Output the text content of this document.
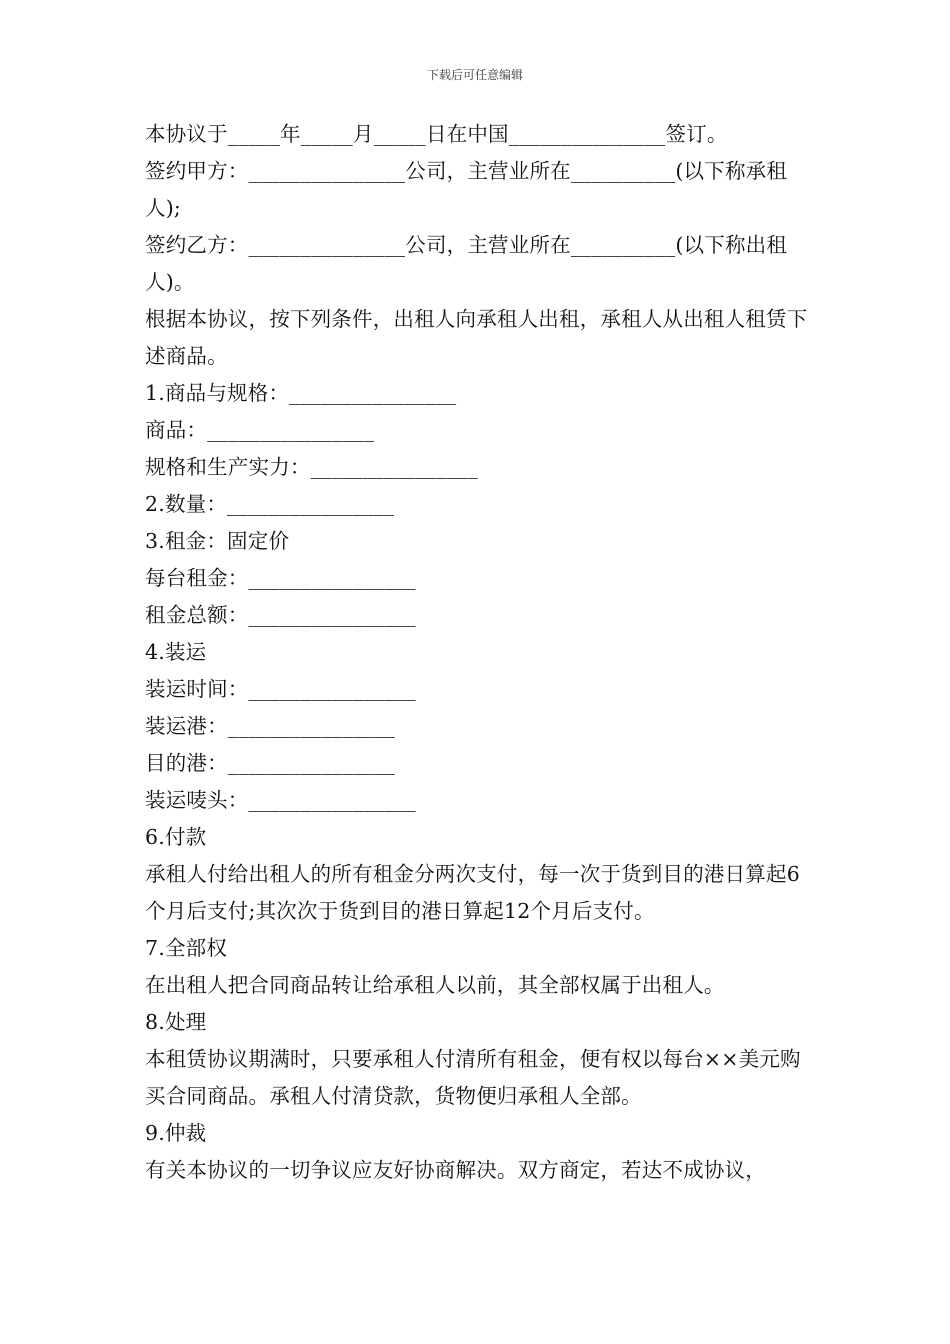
下载后可任意编辑

本协议于_____年_____月_____日在中国_______________签订。

签约甲方：_______________公司，主营业所在__________(以下称承租人);

签约乙方：_______________公司，主营业所在__________(以下称出租人)。

根据本协议，按下列条件，出租人向承租人出租，承租人从出租人租赁下述商品。

1.商品与规格：________________

商品：________________

规格和生产实力：________________

2.数量：________________

3.租金：固定价

每台租金：________________

租金总额：________________

4.装运

装运时间：________________

装运港：________________

目的港：________________

装运唛头：________________

6.付款

承租人付给出租人的所有租金分两次支付，每一次于货到目的港日算起6个月后支付;其次次于货到目的港日算起12个月后支付。

7.全部权

在出租人把合同商品转让给承租人以前，其全部权属于出租人。

8.处理

本租赁协议期满时，只要承租人付清所有租金，便有权以每台××美元购买合同商品。承租人付清贷款，货物便归承租人全部。

9.仲裁

有关本协议的一切争议应友好协商解决。双方商定，若达不成协议，
